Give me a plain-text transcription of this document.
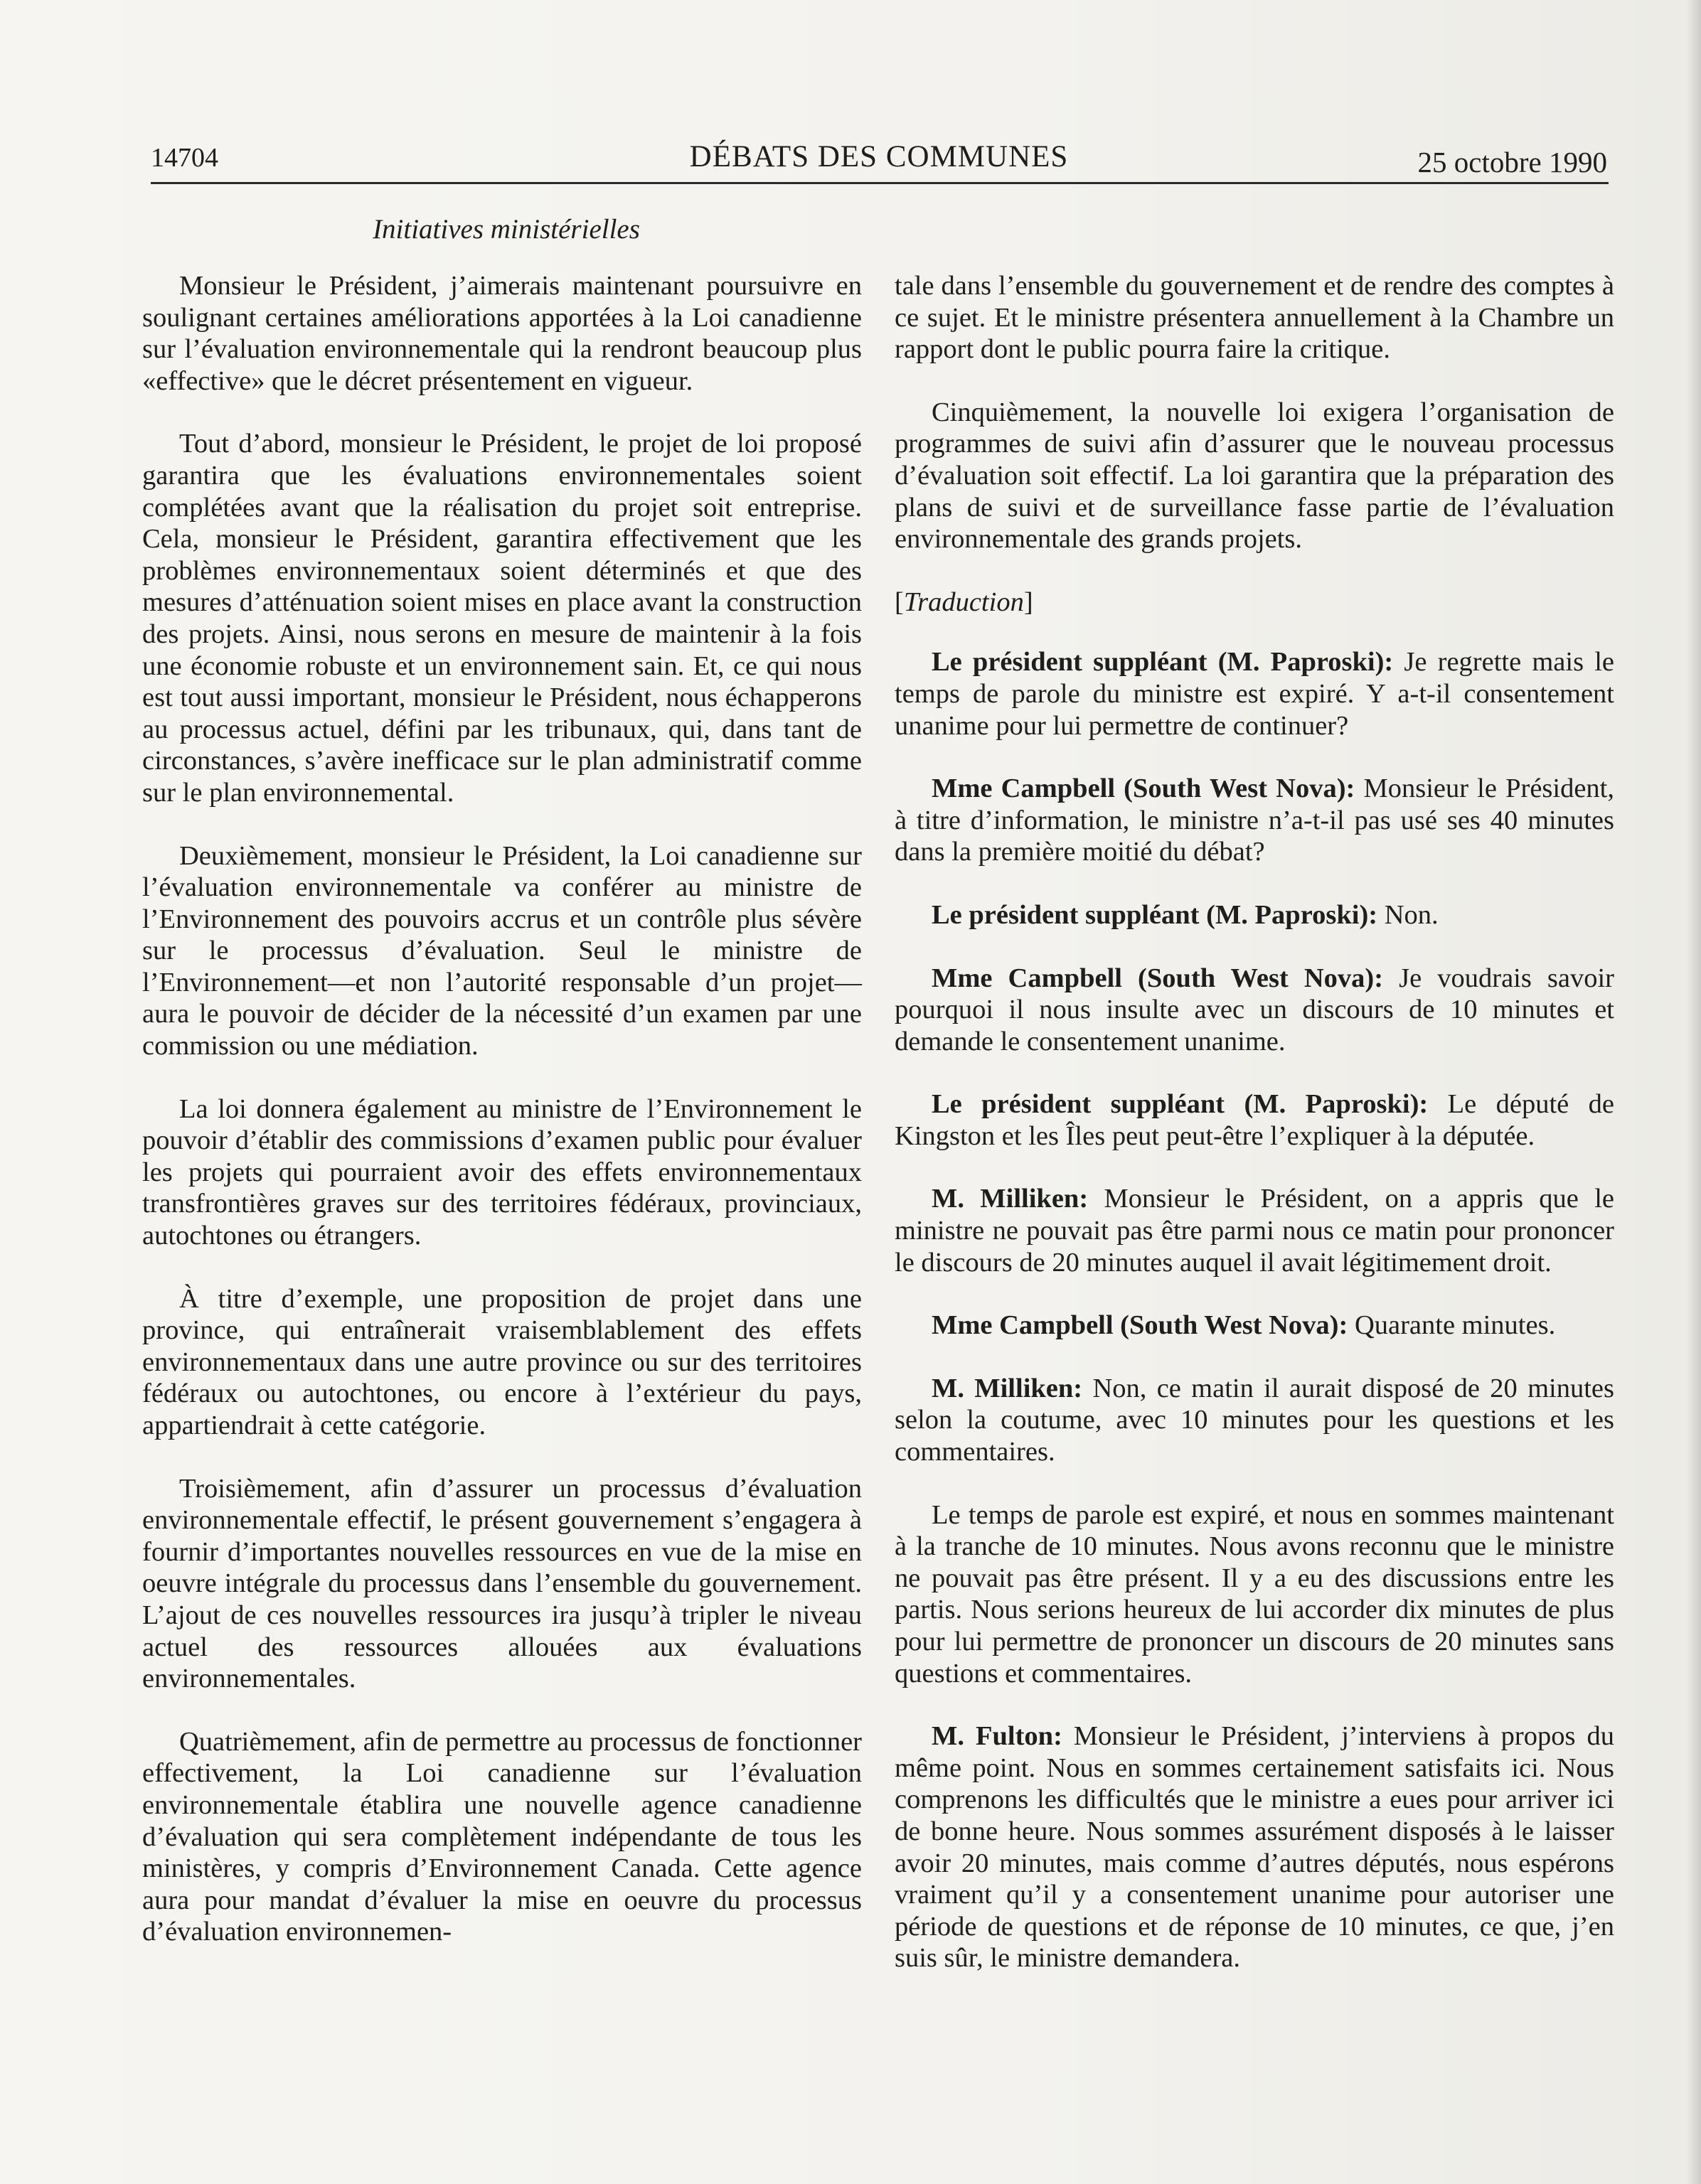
14704	DÉBATS DES COMMUNES	25 octobre 1990
Initiatives ministérielles

Monsieur le Président, j’aimerais maintenant poursuivre en soulignant certaines améliorations apportées à la Loi canadienne sur l’évaluation environnementale qui la rendront beaucoup plus «effective» que le décret présentement en vigueur.

Tout d’abord, monsieur le Président, le projet de loi proposé garantira que les évaluations environnementales soient complétées avant que la réalisation du projet soit entreprise. Cela, monsieur le Président, garantira effectivement que les problèmes environnementaux soient déterminés et que des mesures d’atténuation soient mises en place avant la construction des projets. Ainsi, nous serons en mesure de maintenir à la fois une économie robuste et un environnement sain. Et, ce qui nous est tout aussi important, monsieur le Président, nous échapperons au processus actuel, défini par les tribunaux, qui, dans tant de circonstances, s’avère inefficace sur le plan administratif comme sur le plan environnemental.

Deuxièmement, monsieur le Président, la Loi canadienne sur l’évaluation environnementale va conférer au ministre de l’Environnement des pouvoirs accrus et un contrôle plus sévère sur le processus d’évaluation. Seul le ministre de l’Environnement—et non l’autorité responsable d’un projet—aura le pouvoir de décider de la nécessité d’un examen par une commission ou une médiation.

La loi donnera également au ministre de l’Environnement le pouvoir d’établir des commissions d’examen public pour évaluer les projets qui pourraient avoir des effets environnementaux transfrontières graves sur des territoires fédéraux, provinciaux, autochtones ou étrangers.

À titre d’exemple, une proposition de projet dans une province, qui entraînerait vraisemblablement des effets environnementaux dans une autre province ou sur des territoires fédéraux ou autochtones, ou encore à l’extérieur du pays, appartiendrait à cette catégorie.

Troisièmement, afin d’assurer un processus d’évaluation environnementale effectif, le présent gouvernement s’engagera à fournir d’importantes nouvelles ressources en vue de la mise en oeuvre intégrale du processus dans l’ensemble du gouvernement. L’ajout de ces nouvelles ressources ira jusqu’à tripler le niveau actuel des ressources allouées aux évaluations environnementales.

Quatrièmement, afin de permettre au processus de fonctionner effectivement, la Loi canadienne sur l’évaluation environnementale établira une nouvelle agence canadienne d’évaluation qui sera complètement indépendante de tous les ministères, y compris d’Environnement Canada. Cette agence aura pour mandat d’évaluer la mise en oeuvre du processus d’évaluation environnemen-

tale dans l’ensemble du gouvernement et de rendre des comptes à ce sujet. Et le ministre présentera annuellement à la Chambre un rapport dont le public pourra faire la critique.

Cinquièmement, la nouvelle loi exigera l’organisation de programmes de suivi afin d’assurer que le nouveau processus d’évaluation soit effectif. La loi garantira que la préparation des plans de suivi et de surveillance fasse partie de l’évaluation environnementale des grands projets.

[Traduction]

Le président suppléant (M. Paproski): Je regrette mais le temps de parole du ministre est expiré. Y a-t-il consentement unanime pour lui permettre de continuer?

Mme Campbell (South West Nova): Monsieur le Président, à titre d’information, le ministre n’a-t-il pas usé ses 40 minutes dans la première moitié du débat?

Le président suppléant (M. Paproski): Non.

Mme Campbell (South West Nova): Je voudrais savoir pourquoi il nous insulte avec un discours de 10 minutes et demande le consentement unanime.

Le président suppléant (M. Paproski): Le député de Kingston et les Îles peut peut-être l’expliquer à la députée.

M. Milliken: Monsieur le Président, on a appris que le ministre ne pouvait pas être parmi nous ce matin pour prononcer le discours de 20 minutes auquel il avait légitimement droit.

Mme Campbell (South West Nova): Quarante minutes.

M. Milliken: Non, ce matin il aurait disposé de 20 minutes selon la coutume, avec 10 minutes pour les questions et les commentaires.

Le temps de parole est expiré, et nous en sommes maintenant à la tranche de 10 minutes. Nous avons reconnu que le ministre ne pouvait pas être présent. Il y a eu des discussions entre les partis. Nous serions heureux de lui accorder dix minutes de plus pour lui permettre de prononcer un discours de 20 minutes sans questions et commentaires.

M. Fulton: Monsieur le Président, j’interviens à propos du même point. Nous en sommes certainement satisfaits ici. Nous comprenons les difficultés que le ministre a eues pour arriver ici de bonne heure. Nous sommes assurément disposés à le laisser avoir 20 minutes, mais comme d’autres députés, nous espérons vraiment qu’il y a consentement unanime pour autoriser une période de questions et de réponse de 10 minutes, ce que, j’en suis sûr, le ministre demandera.
